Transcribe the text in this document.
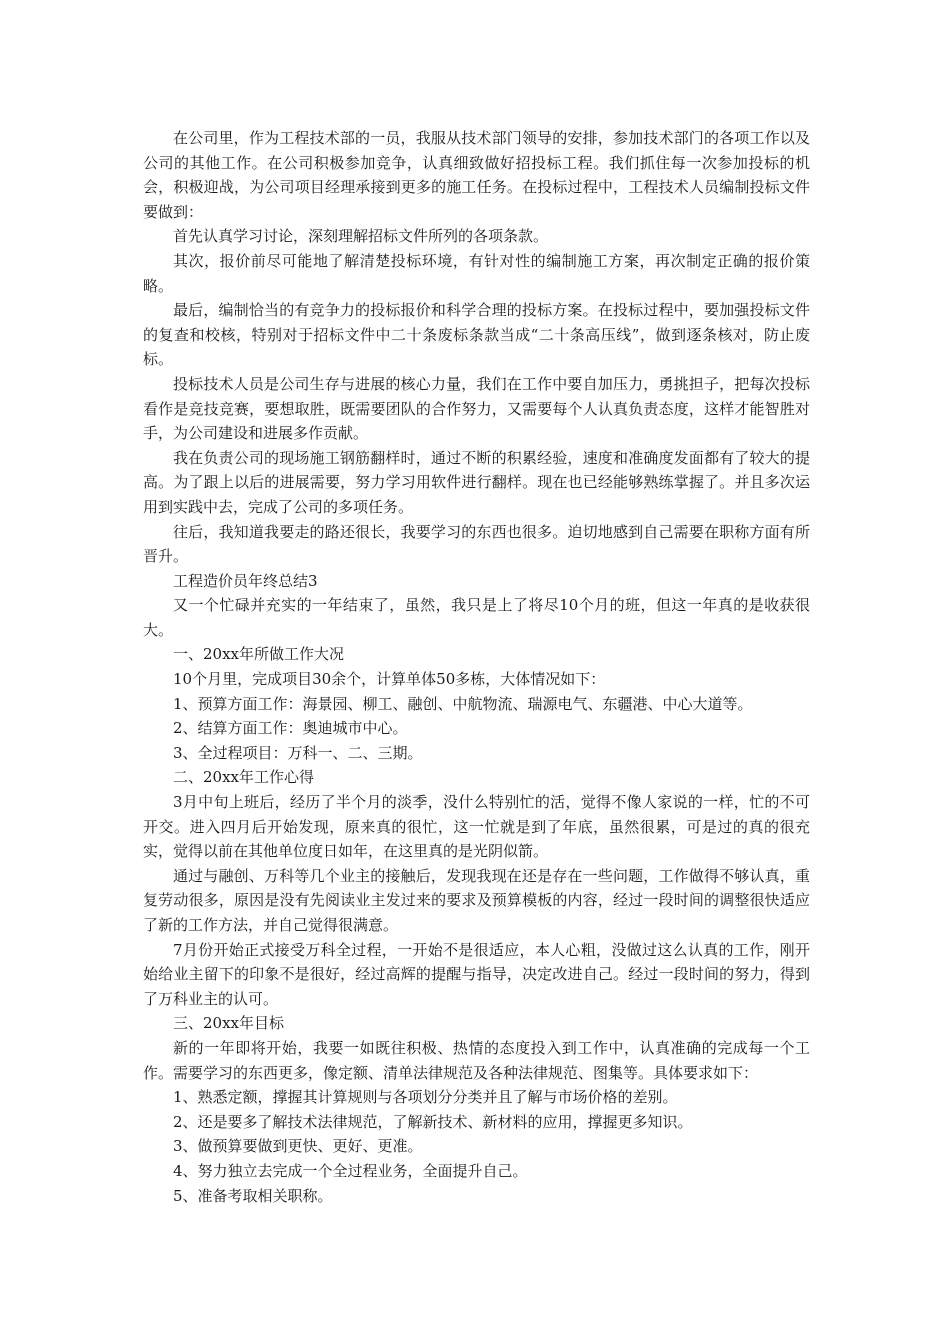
在公司里，作为工程技术部的一员，我服从技术部门领导的安排，参加技术部门的各项工作以及公司的其他工作。在公司积极参加竞争，认真细致做好招投标工程。我们抓住每一次参加投标的机会，积极迎战，为公司项目经理承接到更多的施工任务。在投标过程中，工程技术人员编制投标文件要做到：

首先认真学习讨论，深刻理解招标文件所列的各项条款。

其次，报价前尽可能地了解清楚投标环境，有针对性的编制施工方案，再次制定正确的报价策略。

最后，编制恰当的有竞争力的投标报价和科学合理的投标方案。在投标过程中，要加强投标文件的复查和校核，特别对于招标文件中二十条废标条款当成“二十条高压线”，做到逐条核对，防止废标。

投标技术人员是公司生存与进展的核心力量，我们在工作中要自加压力，勇挑担子，把每次投标看作是竞技竞赛，要想取胜，既需要团队的合作努力，又需要每个人认真负责态度，这样才能智胜对手，为公司建设和进展多作贡献。

我在负责公司的现场施工钢筋翻样时，通过不断的积累经验，速度和准确度发面都有了较大的提高。为了跟上以后的进展需要，努力学习用软件进行翻样。现在也已经能够熟练掌握了。并且多次运用到实践中去，完成了公司的多项任务。

往后，我知道我要走的路还很长，我要学习的东西也很多。迫切地感到自己需要在职称方面有所晋升。

工程造价员年终总结3

又一个忙碌并充实的一年结束了，虽然，我只是上了将尽10个月的班，但这一年真的是收获很大。

一、20xx年所做工作大况

10个月里，完成项目30余个，计算单体50多栋，大体情况如下：

1、预算方面工作：海景园、柳工、融创、中航物流、瑞源电气、东疆港、中心大道等。

2、结算方面工作：奥迪城市中心。

3、全过程项目：万科一、二、三期。

二、20xx年工作心得

3月中旬上班后，经历了半个月的淡季，没什么特别忙的活，觉得不像人家说的一样，忙的不可开交。进入四月后开始发现，原来真的很忙，这一忙就是到了年底，虽然很累，可是过的真的很充实，觉得以前在其他单位度日如年，在这里真的是光阴似箭。

通过与融创、万科等几个业主的接触后，发现我现在还是存在一些问题，工作做得不够认真，重复劳动很多，原因是没有先阅读业主发过来的要求及预算模板的内容，经过一段时间的调整很快适应了新的工作方法，并自己觉得很满意。

7月份开始正式接受万科全过程，一开始不是很适应，本人心粗，没做过这么认真的工作，刚开始给业主留下的印象不是很好，经过高辉的提醒与指导，决定改进自己。经过一段时间的努力，得到了万科业主的认可。

三、20xx年目标

新的一年即将开始，我要一如既往积极、热情的态度投入到工作中，认真准确的完成每一个工作。需要学习的东西更多，像定额、清单法律规范及各种法律规范、图集等。具体要求如下：

1、熟悉定额，撑握其计算规则与各项划分分类并且了解与市场价格的差别。

2、还是要多了解技术法律规范，了解新技术、新材料的应用，撑握更多知识。

3、做预算要做到更快、更好、更准。

4、努力独立去完成一个全过程业务，全面提升自己。

5、准备考取相关职称。
